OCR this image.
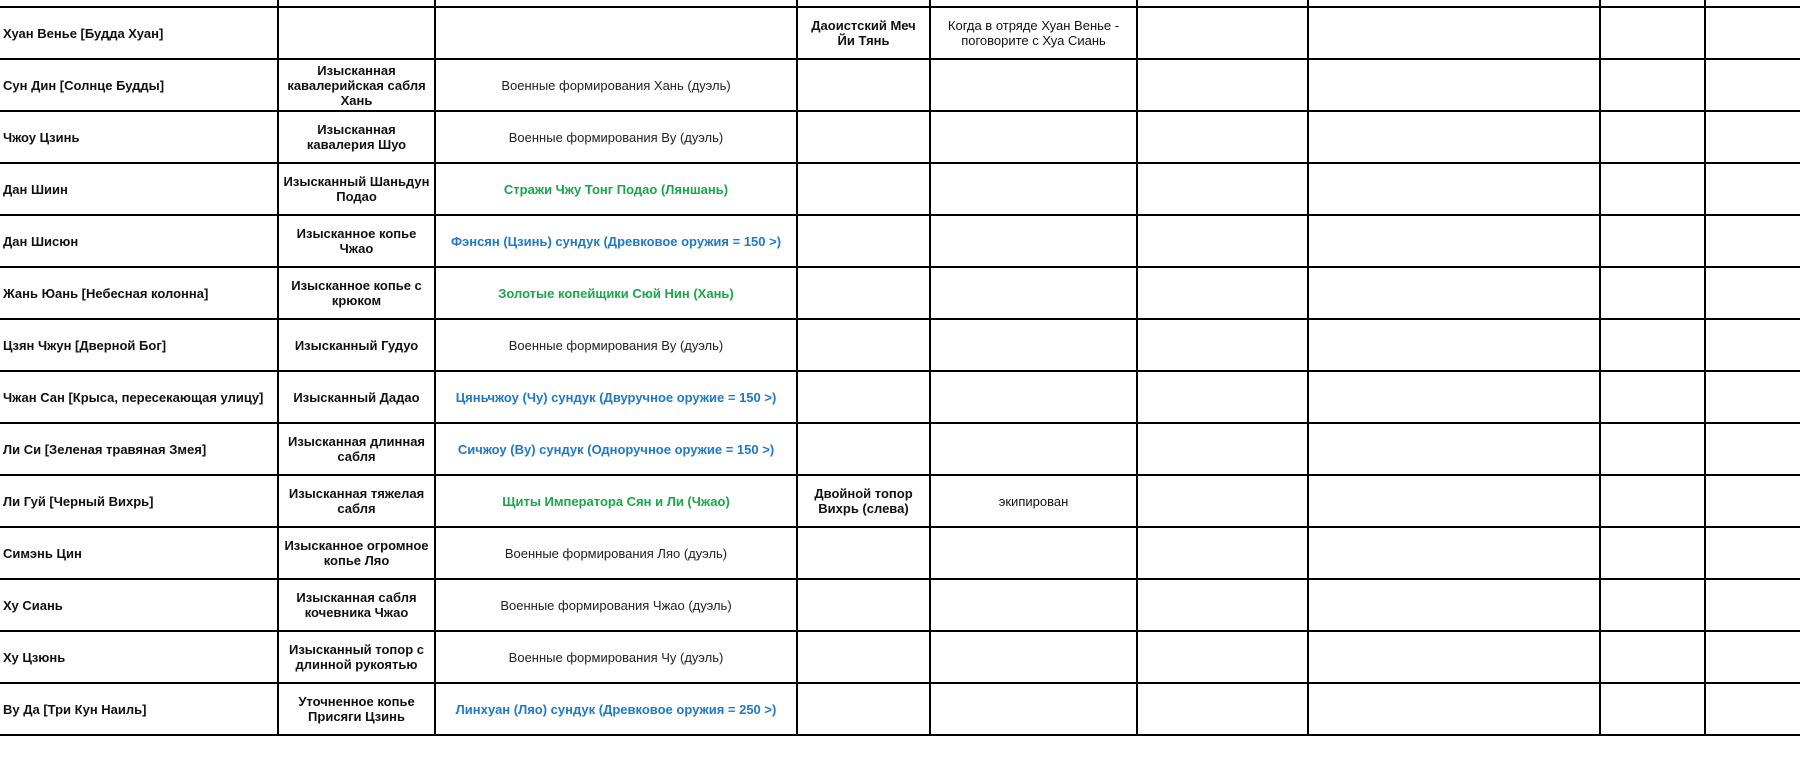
Хуан Венье [Будда Хуан]			Даоистский Меч Йи Тянь	Когда в отряде Хуан Венье - поговорите с Хуа Сиань				
Сун Дин [Солнце Будды]	Изысканная кавалерийская сабля Хань	Военные формирования Хань (дуэль)						
Чжоу Цзинь	Изысканная кавалерия Шуо	Военные формирования Ву (дуэль)						
Дан Шиин	Изысканный Шаньдун Подао	Стражи Чжу Тонг Подао (Ляншань)						
Дан Шисюн	Изысканное копье Чжао	Фэнсян (Цзинь) сундук (Древковое оружия = 150 >)						
Жань Юань [Небесная колонна]	Изысканное копье с крюком	Золотые копейщики Сюй Нин (Хань)						
Цзян Чжун [Дверной Бог]	Изысканный Гудуо	Военные формирования Ву (дуэль)						
Чжан Сан [Крыса, пересекающая улицу]	Изысканный Дадао	Цяньчжоу (Чу) сундук (Двуручное оружие = 150 >)						
Ли Си [Зеленая травяная Змея]	Изысканная длинная сабля	Сичжоу (Ву) сундук (Одноручное оружие = 150 >)						
Ли Гуй [Черный Вихрь]	Изысканная тяжелая сабля	Щиты Императора Сян и Ли (Чжао)	Двойной топор Вихрь (слева)	экипирован				
Симэнь Цин	Изысканное огромное копье Ляо	Военные формирования Ляо (дуэль)						
Ху Сиань	Изысканная сабля кочевника Чжао	Военные формирования Чжао (дуэль)						
Ху Цзюнь	Изысканный топор с длинной рукоятью	Военные формирования Чу (дуэль)						
Ву Да [Три Кун Наиль]	Уточненное копье Присяги Цзинь	Линхуан (Ляо) сундук (Древковое оружия = 250 >)						
